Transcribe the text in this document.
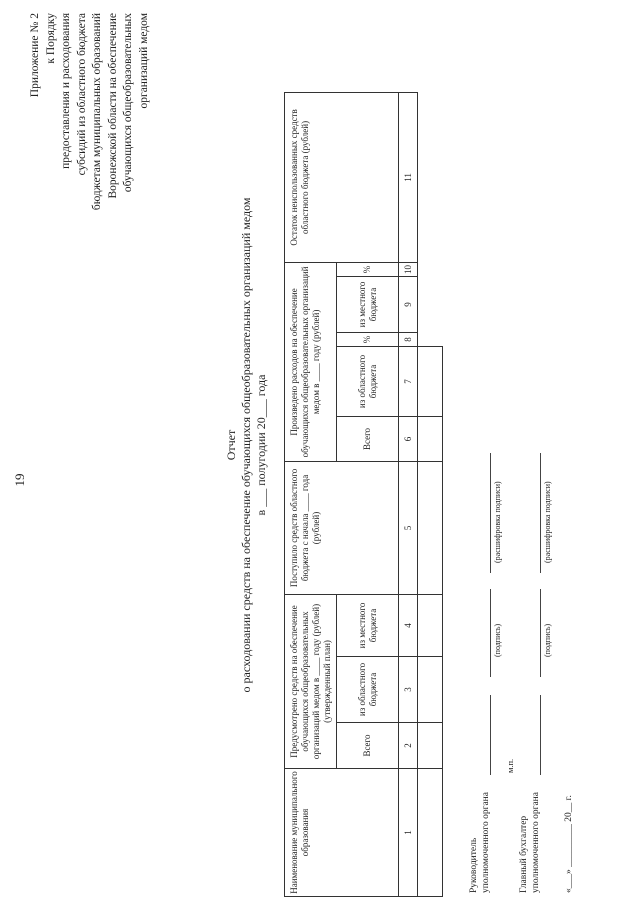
19
Приложение № 2 к Порядку предоставления и расходования субсидий из областного бюджета бюджетам муниципальных образований Воронежской области на обеспечение обучающихся общеобразовательных организаций медом
Отчет о расходовании средств на обеспечение обучающихся общеобразовательных организаций медом в ___ полугодии 20___ года
Наименование муниципального образования	Предусмотрено средств на обеспечение обучающихся общеобразовательных организаций медом в ____ году (рублей) (утвержденный план)			Поступило средств областного бюджета с начала ____ года (рублей)	Произведено расходов на обеспечение обучающихся общеобразовательных организаций медом в ____ году (рублей)					Остаток неиспользованных средств областного бюджета (рублей)
	Всего	из областного бюджета	из местного бюджета		Всего	из областного бюджета	%	из местного бюджета	%	
1	2	3	4	5	6	7	8	9	10	11

Руководитель уполномоченного органа
(подпись)
(расшифровка подписи)
м.п.
Главный бухгалтер уполномоченного органа
(подпись)
(расшифровка подписи)
«___» _________ 20__ г.
